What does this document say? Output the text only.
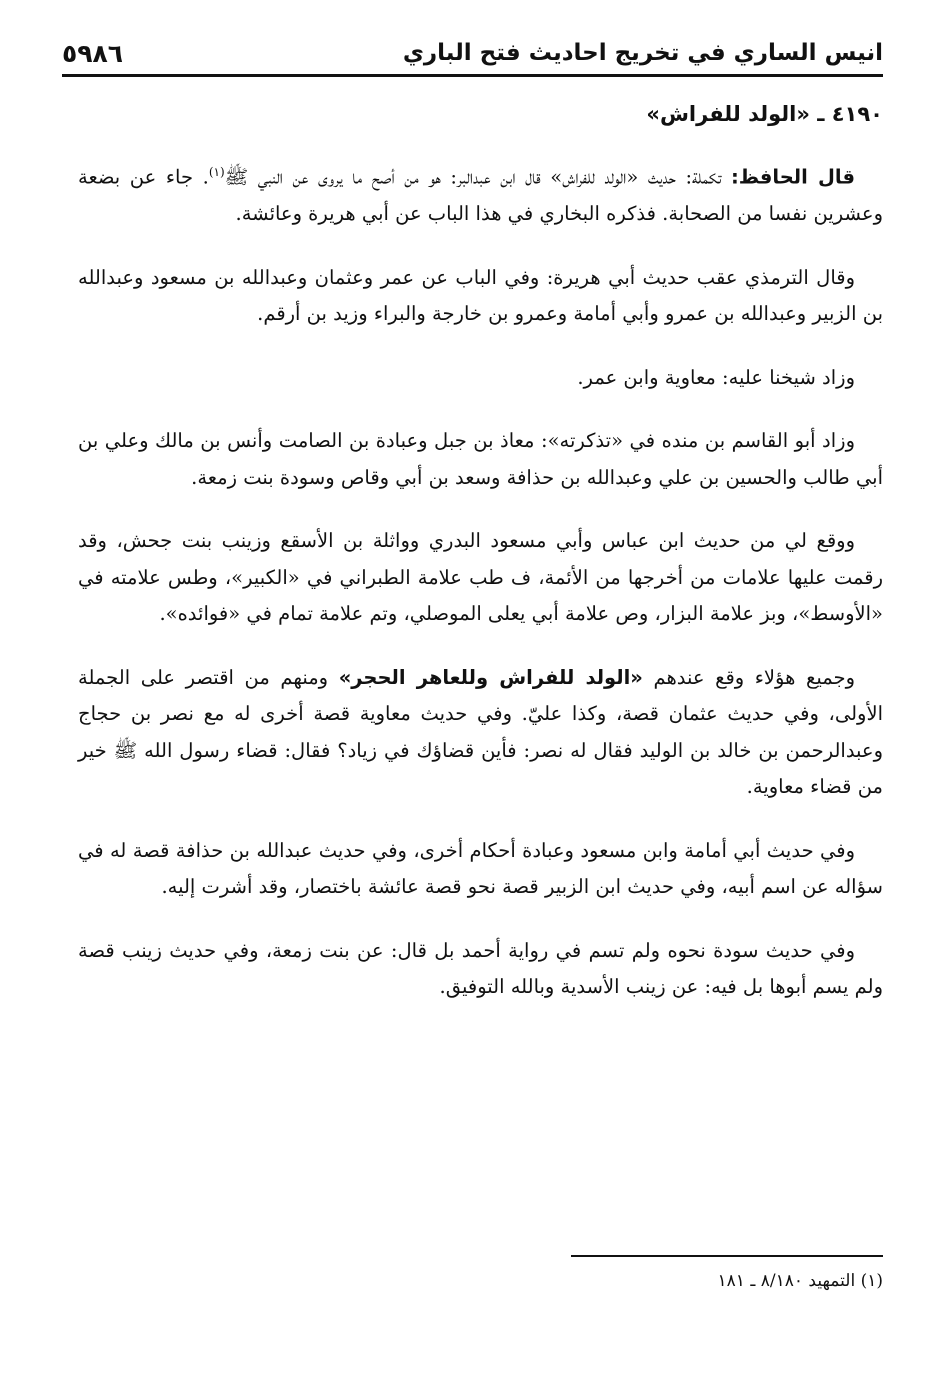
انيس الساري في تخريج احاديث فتح الباري
٥٩٨٦
٤١٩٠ ـ «الولد للفراش»

قال الحافظ: تكملة: حديث «الولد للفراش» قال ابن عبدالبر: هو من أصح ما يروى عن النبي ﷺ$^{(١)}$. جاء عن بضعة وعشرين نفسا من الصحابة. فذكره البخاري في هذا الباب عن أبي هريرة وعائشة.

وقال الترمذي عقب حديث أبي هريرة: وفي الباب عن عمر وعثمان وعبدالله بن مسعود وعبدالله بن الزبير وعبدالله بن عمرو وأبي أمامة وعمرو بن خارجة والبراء وزيد بن أرقم.

وزاد شيخنا عليه: معاوية وابن عمر.

وزاد أبو القاسم بن منده في «تذكرته»: معاذ بن جبل وعبادة بن الصامت وأنس بن مالك وعلي بن أبي طالب والحسين بن علي وعبدالله بن حذافة وسعد بن أبي وقاص وسودة بنت زمعة.

ووقع لي من حديث ابن عباس وأبي مسعود البدري وواثلة بن الأسقع وزينب بنت جحش، وقد رقمت عليها علامات من أخرجها من الأئمة، ف طب علامة الطبراني في «الكبير»، وطس علامته في «الأوسط»، وبز علامة البزار، وص علامة أبي يعلى الموصلي، وتم علامة تمام في «فوائده».

وجميع هؤلاء وقع عندهم «الولد للفراش وللعاهر الحجر» ومنهم من اقتصر على الجملة الأولى، وفي حديث عثمان قصة، وكذا عليّ. وفي حديث معاوية قصة أخرى له مع نصر بن حجاج وعبدالرحمن بن خالد بن الوليد فقال له نصر: فأين قضاؤك في زياد؟ فقال: قضاء رسول الله ﷺ خير من قضاء معاوية.

وفي حديث أبي أمامة وابن مسعود وعبادة أحكام أخرى، وفي حديث عبدالله بن حذافة قصة له في سؤاله عن اسم أبيه، وفي حديث ابن الزبير قصة نحو قصة عائشة باختصار، وقد أشرت إليه.

وفي حديث سودة نحوه ولم تسم في رواية أحمد بل قال: عن بنت زمعة، وفي حديث زينب قصة ولم يسم أبوها بل فيه: عن زينب الأسدية وبالله التوفيق.

(١) التمهيد ٨/١٨٠ ـ ١٨١
